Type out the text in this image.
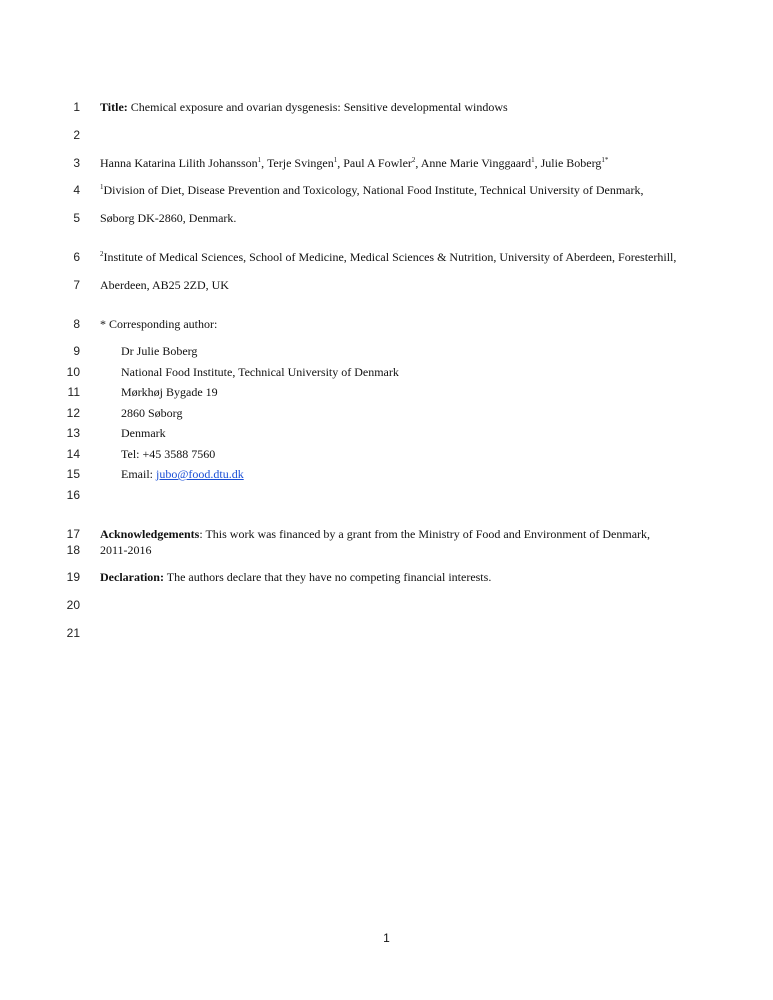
1
2
3
4
5
6
7
8
9
10
11
12
13
14
15
16
17
18
19
20
21
Title: Chemical exposure and ovarian dysgenesis: Sensitive developmental windows
Hanna Katarina Lilith Johansson$^1$, Terje Svingen$^1$, Paul A Fowler$^2$, Anne Marie Vinggaard$^1$, Julie Boberg$^{1*}$
$^1$Division of Diet, Disease Prevention and Toxicology, National Food Institute, Technical University of Denmark,
Søborg DK-2860, Denmark.
$^2$Institute of Medical Sciences, School of Medicine, Medical Sciences & Nutrition, University of Aberdeen, Foresterhill,
Aberdeen, AB25 2ZD, UK
* Corresponding author:
Dr Julie Boberg
National Food Institute, Technical University of Denmark
Mørkhøj Bygade 19
2860 Søborg
Denmark
Tel: +45 3588 7560
Email: jubo@food.dtu.dk
Acknowledgements: This work was financed by a grant from the Ministry of Food and Environment of Denmark,
2011-2016
Declaration: The authors declare that they have no competing financial interests.
1
